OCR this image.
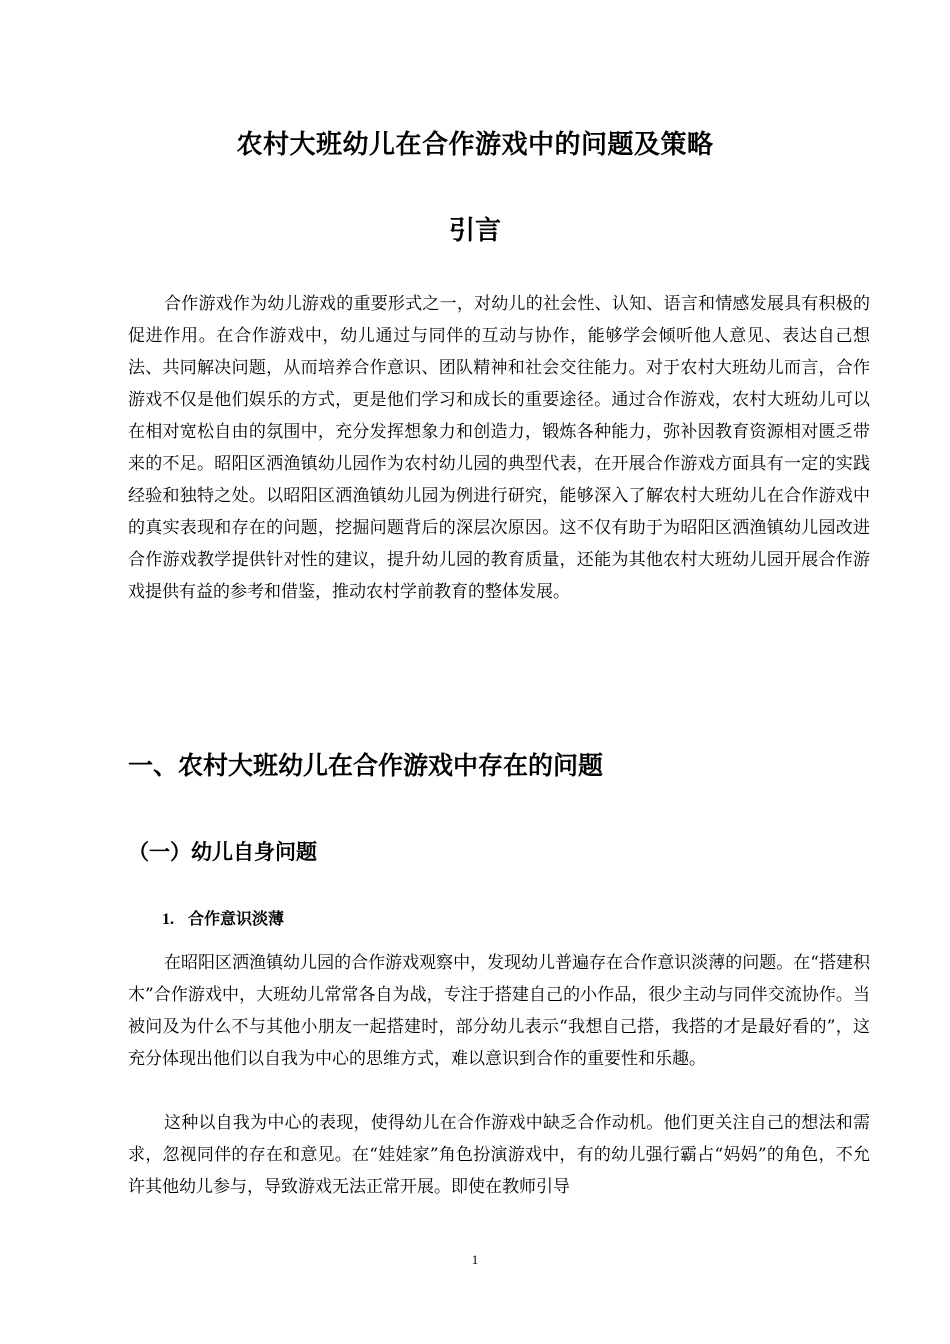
农村大班幼儿在合作游戏中的问题及策略
引言

合作游戏作为幼儿游戏的重要形式之一，对幼儿的社会性、认知、语言和情感发展具有积极的促进作用。在合作游戏中，幼儿通过与同伴的互动与协作，能够学会倾听他人意见、表达自己想法、共同解决问题，从而培养合作意识、团队精神和社会交往能力。对于农村大班幼儿而言，合作游戏不仅是他们娱乐的方式，更是他们学习和成长的重要途径。通过合作游戏，农村大班幼儿可以在相对宽松自由的氛围中，充分发挥想象力和创造力，锻炼各种能力，弥补因教育资源相对匮乏带来的不足。昭阳区洒渔镇幼儿园作为农村幼儿园的典型代表，在开展合作游戏方面具有一定的实践经验和独特之处。以昭阳区洒渔镇幼儿园为例进行研究，能够深入了解农村大班幼儿在合作游戏中的真实表现和存在的问题，挖掘问题背后的深层次原因。这不仅有助于为昭阳区洒渔镇幼儿园改进合作游戏教学提供针对性的建议，提升幼儿园的教育质量，还能为其他农村大班幼儿园开展合作游戏提供有益的参考和借鉴，推动农村学前教育的整体发展。

一、农村大班幼儿在合作游戏中存在的问题
（一）幼儿自身问题
1. 合作意识淡薄

在昭阳区洒渔镇幼儿园的合作游戏观察中，发现幼儿普遍存在合作意识淡薄的问题。在“搭建积木”合作游戏中，大班幼儿常常各自为战，专注于搭建自己的小作品，很少主动与同伴交流协作。当被问及为什么不与其他小朋友一起搭建时，部分幼儿表示“我想自己搭，我搭的才是最好看的”，这充分体现出他们以自我为中心的思维方式，难以意识到合作的重要性和乐趣。

这种以自我为中心的表现，使得幼儿在合作游戏中缺乏合作动机。他们更关注自己的想法和需求，忽视同伴的存在和意见。在“娃娃家”角色扮演游戏中，有的幼儿强行霸占“妈妈”的角色，不允许其他幼儿参与，导致游戏无法正常开展。即使在教师引导

1
